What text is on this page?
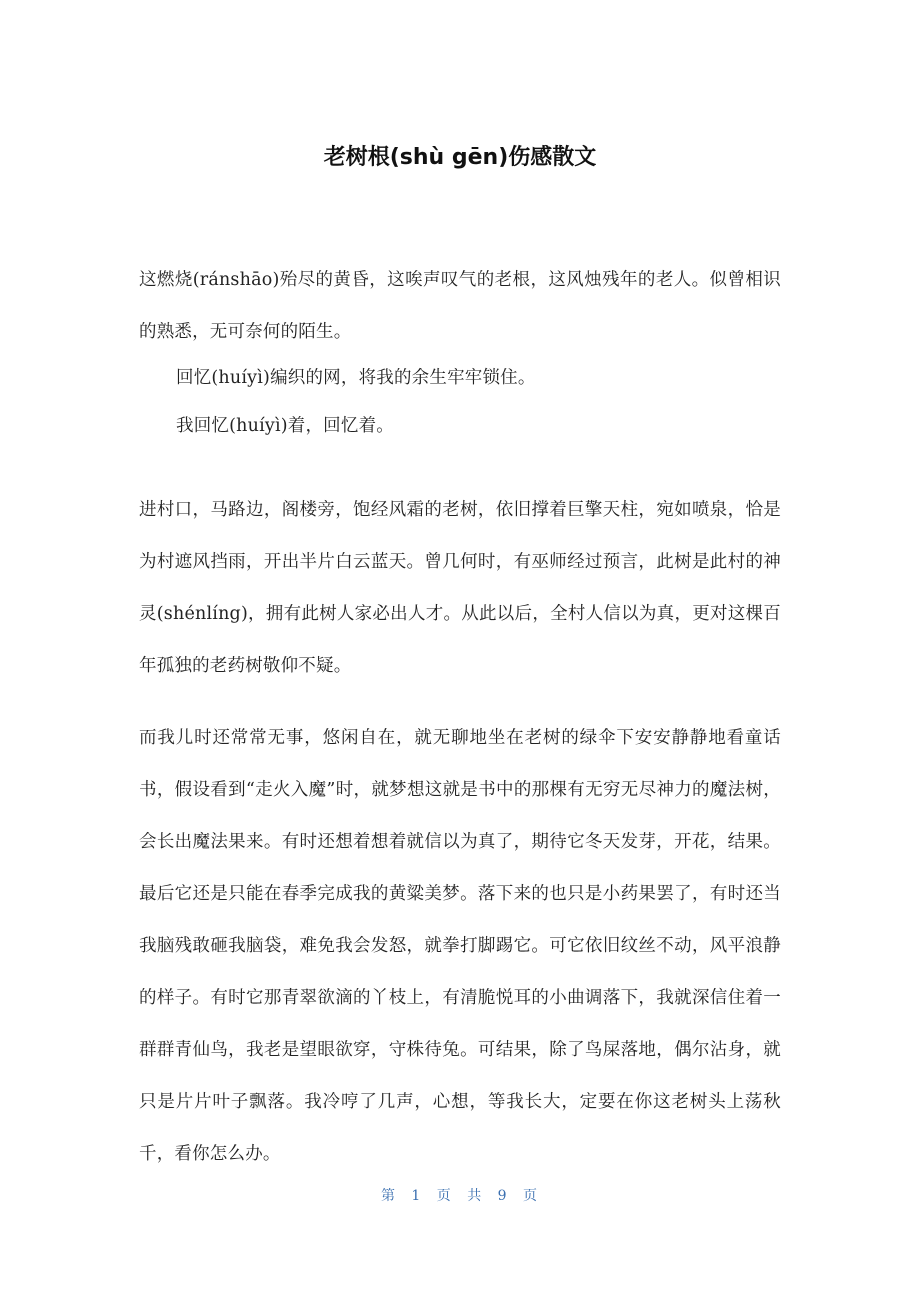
老树根(shù gēn)伤感散文

这燃烧(ránshāo)殆尽的黄昏，这唉声叹气的老根，这风烛残年的老人。似曾相识的熟悉，无可奈何的陌生。

回忆(huíyì)编织的网，将我的余生牢牢锁住。

我回忆(huíyì)着，回忆着。

进村口，马路边，阁楼旁，饱经风霜的老树，依旧撑着巨擎天柱，宛如喷泉，恰是为村遮风挡雨，开出半片白云蓝天。曾几何时，有巫师经过预言，此树是此村的神灵(shénlíng)，拥有此树人家必出人才。从此以后，全村人信以为真，更对这棵百年孤独的老药树敬仰不疑。

而我儿时还常常无事，悠闲自在，就无聊地坐在老树的绿伞下安安静静地看童话书，假设看到“走火入魔”时，就梦想这就是书中的那棵有无穷无尽神力的魔法树，会长出魔法果来。有时还想着想着就信以为真了，期待它冬天发芽，开花，结果。最后它还是只能在春季完成我的黄粱美梦。落下来的也只是小药果罢了，有时还当我脑残敢砸我脑袋，难免我会发怒，就拳打脚踢它。可它依旧纹丝不动，风平浪静的样子。有时它那青翠欲滴的丫枝上，有清脆悦耳的小曲调落下，我就深信住着一群群青仙鸟，我老是望眼欲穿，守株待兔。可结果，除了鸟屎落地，偶尔沾身，就只是片片叶子飘落。我冷哼了几声，心想，等我长大，定要在你这老树头上荡秋千，看你怎么办。

第 1 页 共 9 页
